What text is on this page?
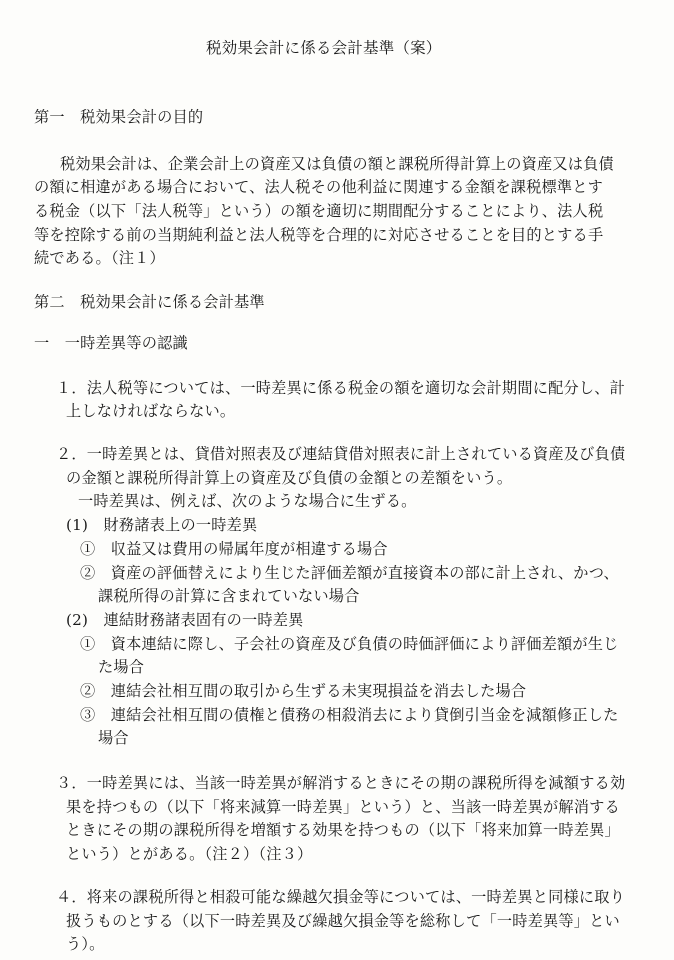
税効果会計に係る会計基準（案）
第一　税効果会計の目的
税効果会計は、企業会計上の資産又は負債の額と課税所得計算上の資産又は負債
の額に相違がある場合において、法人税その他利益に関連する金額を課税標準とす
る税金（以下「法人税等」という）の額を適切に期間配分することにより、法人税
等を控除する前の当期純利益と法人税等を合理的に対応させることを目的とする手
続である。（注１）
第二　税効果会計に係る会計基準
一　一時差異等の認識
１．法人税等については、一時差異に係る税金の額を適切な会計期間に配分し、計
上しなければならない。
２．一時差異とは、貸借対照表及び連結貸借対照表に計上されている資産及び負債
の金額と課税所得計算上の資産及び負債の金額との差額をいう。
一時差異は、例えば、次のような場合に生ずる。
(1)　財務諸表上の一時差異
①　収益又は費用の帰属年度が相違する場合
②　資産の評価替えにより生じた評価差額が直接資本の部に計上され、かつ、
課税所得の計算に含まれていない場合
(2)　連結財務諸表固有の一時差異
①　資本連結に際し、子会社の資産及び負債の時価評価により評価差額が生じ
た場合
②　連結会社相互間の取引から生ずる未実現損益を消去した場合
③　連結会社相互間の債権と債務の相殺消去により貸倒引当金を減額修正した
場合
３．一時差異には、当該一時差異が解消するときにその期の課税所得を減額する効
果を持つもの（以下「将来減算一時差異」という）と、当該一時差異が解消する
ときにその期の課税所得を増額する効果を持つもの（以下「将来加算一時差異」
という）とがある。（注２）（注３）
４．将来の課税所得と相殺可能な繰越欠損金等については、一時差異と同様に取り
扱うものとする（以下一時差異及び繰越欠損金等を総称して「一時差異等」とい
う）。
